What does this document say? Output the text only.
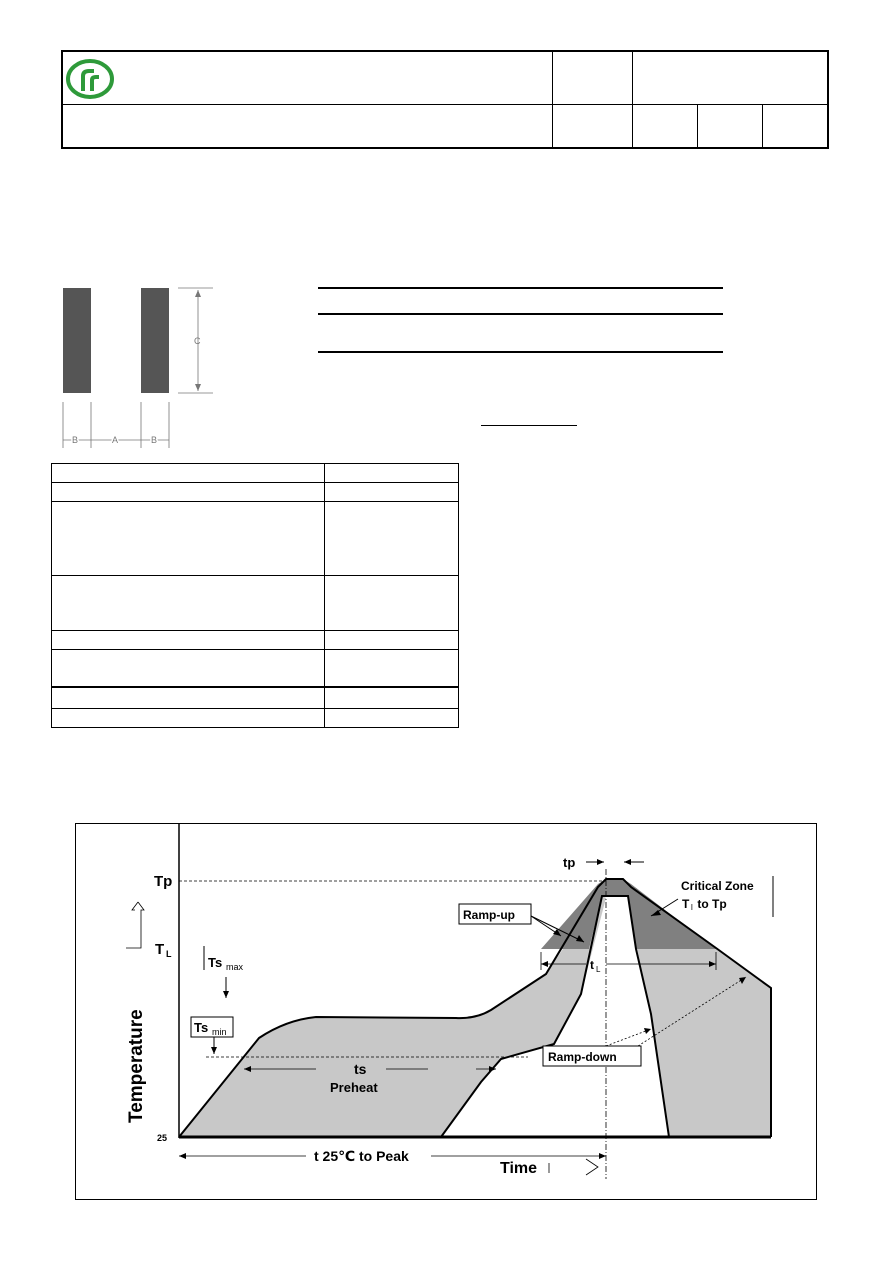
C
B	A	B
tp
Tp
T L
Ts max
Ts min
Ramp-up
Ramp-down
Critical Zone
T l to Tp
t L
ts
Preheat
Temperature
25
t 25℃ to Peak
Time
